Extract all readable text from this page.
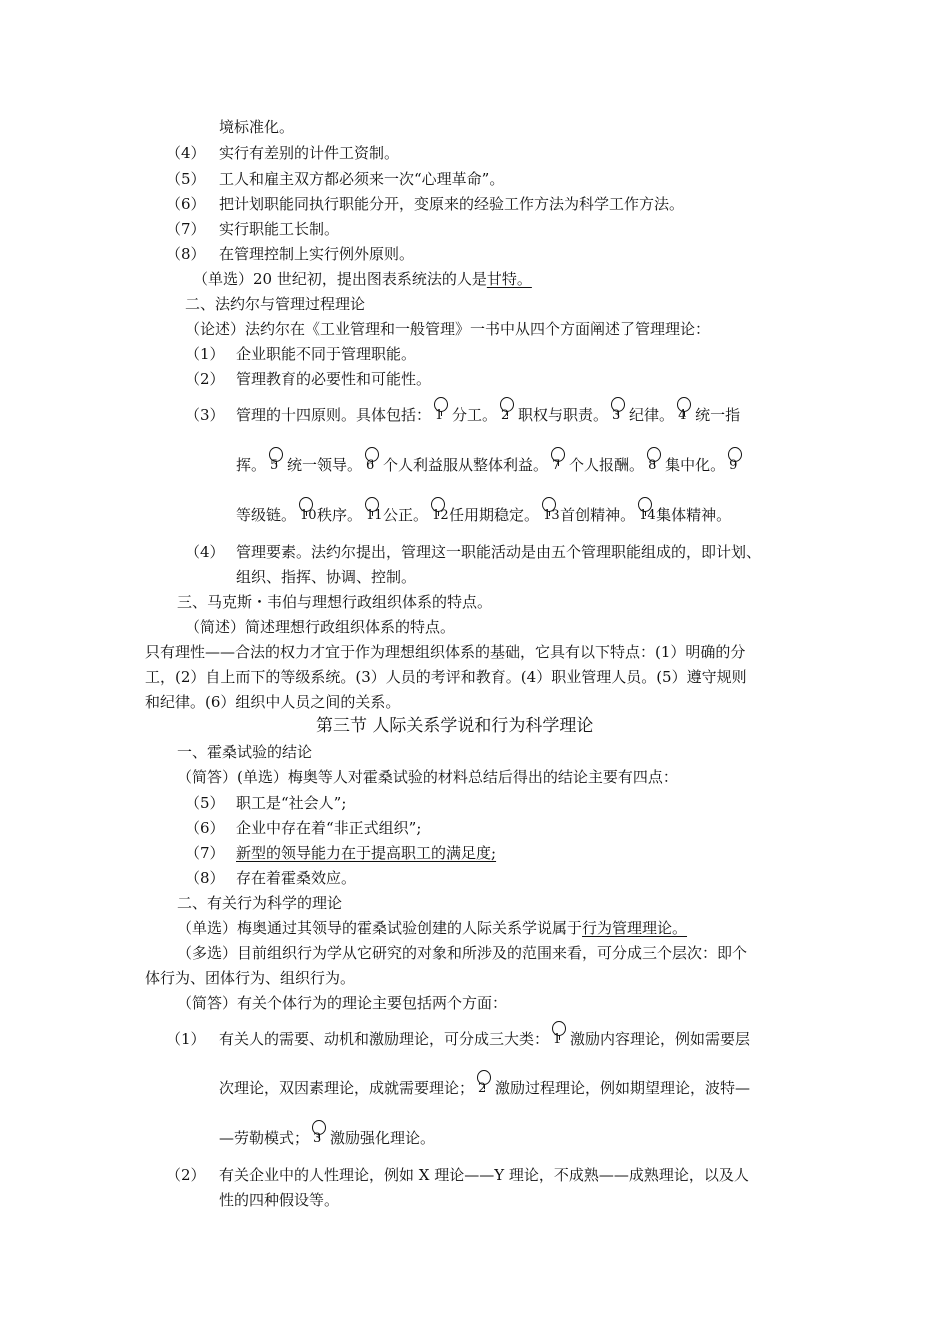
境标准化。
（4） 实行有差别的计件工资制。
（5） 工人和雇主双方都必须来一次“心理革命”。
（6） 把计划职能同执行职能分开，变原来的经验工作方法为科学工作方法。
（7） 实行职能工长制。
（8） 在管理控制上实行例外原则。
（单选）20 世纪初，提出图表系统法的人是甘特。
二、法约尔与管理过程理论
（论述）法约尔在《工业管理和一般管理》一书中从四个方面阐述了管理理论：
（1） 企业职能不同于管理职能。
（2） 管理教育的必要性和可能性。
（3） 管理的十四原则。具体包括： 1 分工。 2 职权与职责。 3 纪律。 4 统一指
挥。 5 统一领导。 6 个人利益服从整体利益。 7 个人报酬。 8 集中化。 9
等级链。 10 秩序。 11 公正。 12 任用期稳定。 13 首创精神。 14 集体精神。
（4） 管理要素。法约尔提出，管理这一职能活动是由五个管理职能组成的，即计划、
组织、指挥、协调、控制。
三、马克斯・韦伯与理想行政组织体系的特点。
（简述）简述理想行政组织体系的特点。
只有理性——合法的权力才宜于作为理想组织体系的基础，它具有以下特点：(1）明确的分
工，(2）自上而下的等级系统。(3）人员的考评和教育。(4）职业管理人员。(5）遵守规则
和纪律。(6）组织中人员之间的关系。
第三节 人际关系学说和行为科学理论
一、霍桑试验的结论
（简答）(单选）梅奥等人对霍桑试验的材料总结后得出的结论主要有四点：
（5） 职工是“社会人”;
（6） 企业中存在着“非正式组织”;
（7） 新型的领导能力在于提高职工的满足度;
（8） 存在着霍桑效应。
二、有关行为科学的理论
（单选）梅奥通过其领导的霍桑试验创建的人际关系学说属于行为管理理论。
（多选）目前组织行为学从它研究的对象和所涉及的范围来看，可分成三个层次：即个
体行为、团体行为、组织行为。
（简答）有关个体行为的理论主要包括两个方面：
（1） 有关人的需要、动机和激励理论，可分成三大类： 1 激励内容理论，例如需要层
次理论，双因素理论，成就需要理论； 2 激励过程理论，例如期望理论，波特—
—劳勒模式； 3 激励强化理论。
（2） 有关企业中的人性理论，例如 X 理论——Y 理论，不成熟——成熟理论，以及人
性的四种假设等。
